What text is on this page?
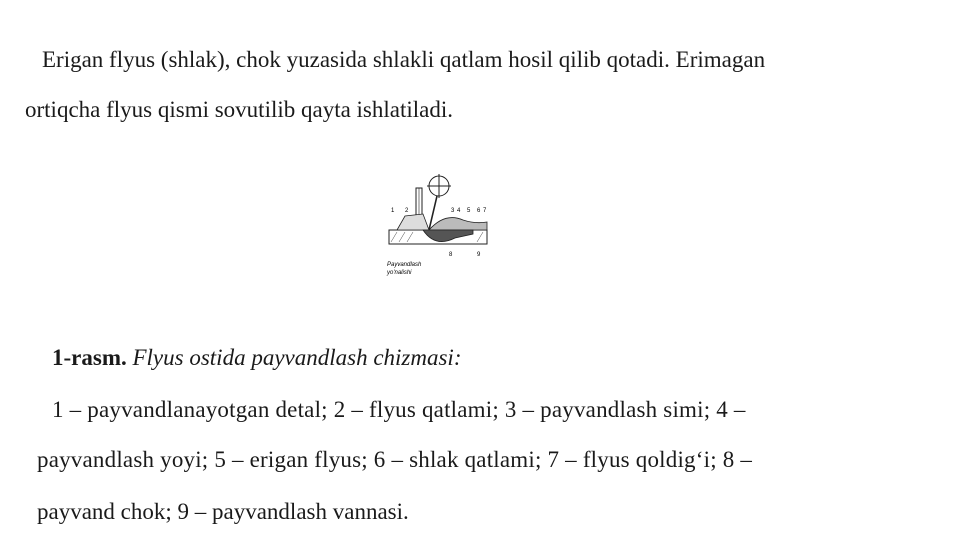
Erigan flyus (shlak), chok yuzasida shlakli qatlam hosil qilib qotadi. Erimagan
ortiqcha flyus qismi sovutilib qayta ishlatiladi.
1 2	3 4 5 6 7
8	9
Payvandlash
yo'nalishi
1-rasm. Flyus ostida payvandlash chizmasi:
1 – payvandlanayotgan detal; 2 – flyus qatlami; 3 – payvandlash simi; 4 –
payvandlash yoyi; 5 – erigan flyus; 6 – shlak qatlami; 7 – flyus qoldig‘i; 8 –
payvand chok; 9 – payvandlash vannasi.
